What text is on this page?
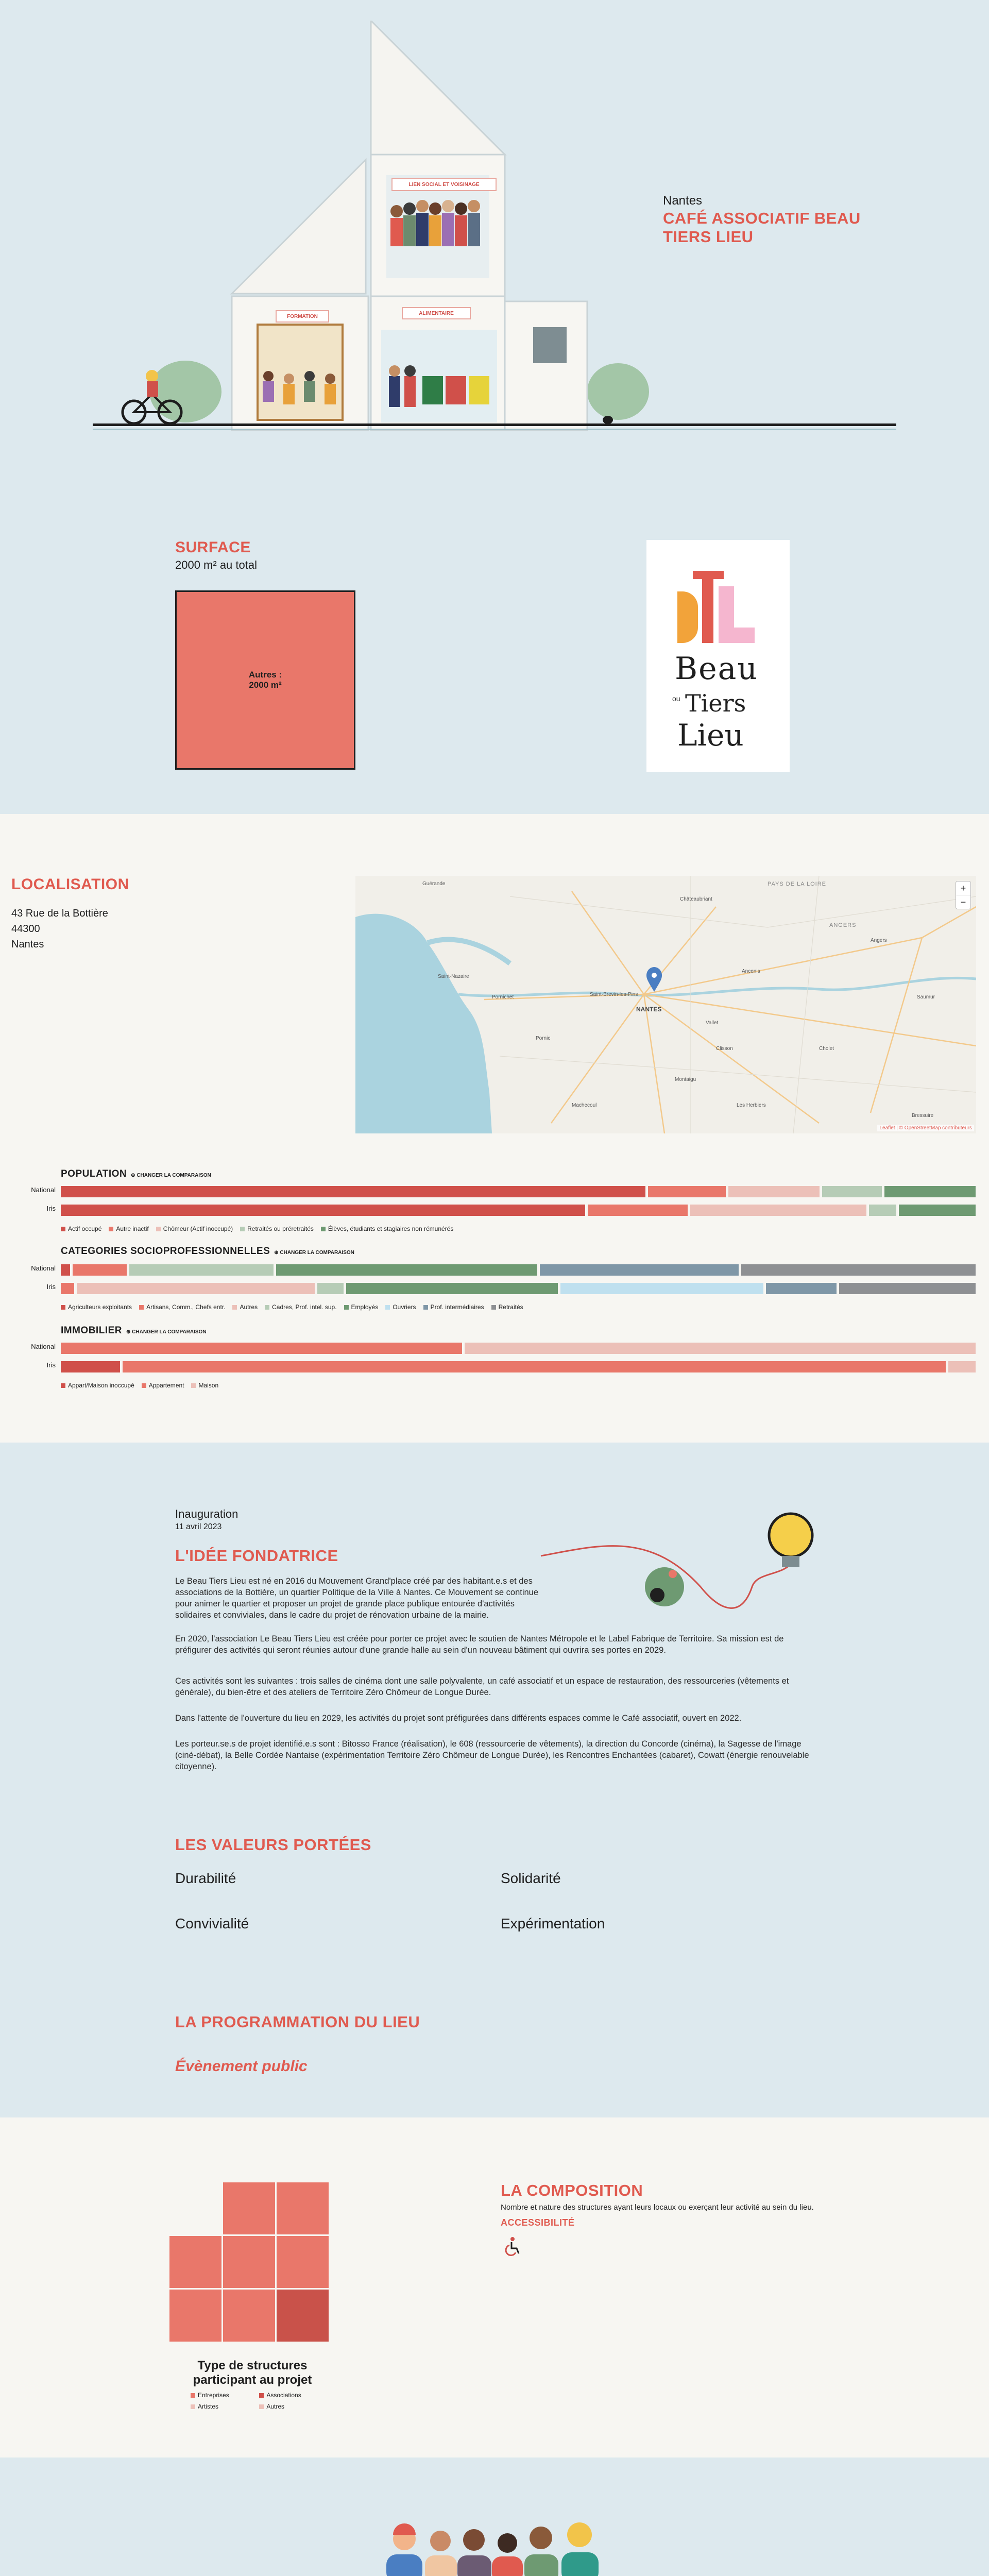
LIEN SOCIAL ET VOISINAGE
FORMATION
ALIMENTAIRE
Nantes
CAFÉ ASSOCIATIF BEAU
TIERS LIEU
SURFACE
2000 m² au total
Beau
ou Tiers
Lieu
Autres :
2000 m²
LOCALISATION
43 Rue de la Bottière
44300
Nantes
NANTES
Saint-Nazaire
Pornichet
Guérande
Pornic
Saint-Brevin-les-Pins
Clisson	Cholet
Angers
Ancenis
Châteaubriant
Saumur
Bressuire
Les Herbiers
Montaigu
Machecoul
Vallet
PAYS DE LA LOIRE
ANGERS
+
−
Leaflet | © OpenStreetMap contributeurs
POPULATION ⊕ CHANGER LA COMPARAISON
National
Iris
Actif occupé	Autre inactif	Chômeur (Actif inoccupé)	Retraités ou préretraités	Élèves, étudiants et stagiaires non rémunérés
CATEGORIES SOCIOPROFESSIONNELLES ⊕ CHANGER LA COMPARAISON
National
Iris
Agriculteurs exploitants	Artisans, Comm., Chefs entr.	Autres	Cadres, Prof. intel. sup.	Employés	Ouvriers	Prof. intermédiaires	Retraités
IMMOBILIER ⊕ CHANGER LA COMPARAISON
National
Iris
Appart/Maison inoccupé	Appartement	Maison
Inauguration
11 avril 2023
L'IDÉE FONDATRICE
Le Beau Tiers Lieu est né en 2016 du Mouvement Grand'place créé par des habitant.e.s et des associations de la Bottière, un quartier Politique de la Ville à Nantes. Ce Mouvement se continue pour animer le quartier et proposer un projet de grande place publique entourée d'activités solidaires et conviviales, dans le cadre du projet de rénovation urbaine de la mairie.
En 2020, l'association Le Beau Tiers Lieu est créée pour porter ce projet avec le soutien de Nantes Métropole et le Label Fabrique de Territoire. Sa mission est de préfigurer des activités qui seront réunies autour d'une grande halle au sein d'un nouveau bâtiment qui ouvrira ses portes en 2029.
Ces activités sont les suivantes : trois salles de cinéma dont une salle polyvalente, un café associatif et un espace de restauration, des ressourceries (vêtements et générale), du bien-être et des ateliers de Territoire Zéro Chômeur de Longue Durée.
Dans l'attente de l'ouverture du lieu en 2029, les activités du projet sont préfigurées dans différents espaces comme le Café associatif, ouvert en 2022.
Les porteur.se.s de projet identifié.e.s sont : Bitosso France (réalisation), le 608 (ressourcerie de vêtements), la direction du Concorde (cinéma), la Sagesse de l'image (ciné-débat), la Belle Cordée Nantaise (expérimentation Territoire Zéro Chômeur de Longue Durée), les Rencontres Enchantées (cabaret), Cowatt (énergie renouvelable citoyenne).
LES VALEURS PORTÉES
Durabilité	Solidarité
Convivialité	Expérimentation
LA PROGRAMMATION DU LIEU
Évènement public
Type de structures
participant au projet
Entreprises	Associations Artistes	Autres
LA COMPOSITION
Nombre et nature des structures ayant leurs locaux ou exerçant leur activité au sein du lieu.
ACCESSIBILITÉ
